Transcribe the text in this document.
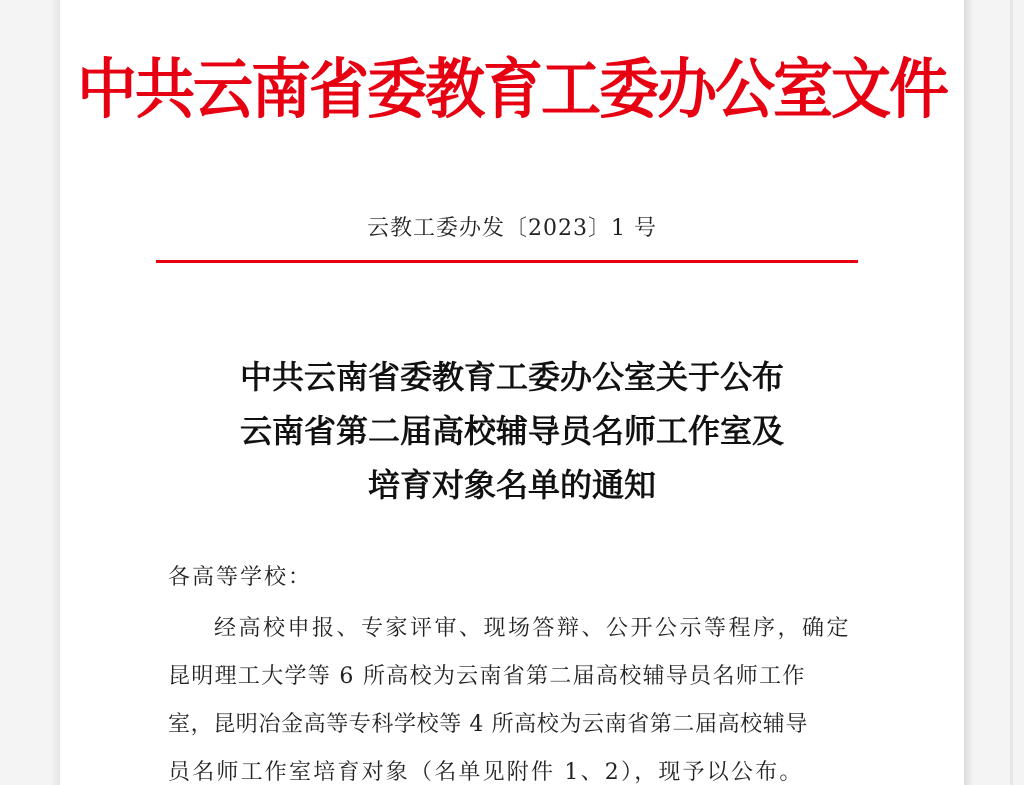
中共云南省委教育工委办公室文件
云教工委办发〔2023〕1 号
中共云南省委教育工委办公室关于公布
云南省第二届高校辅导员名师工作室及
培育对象名单的通知
各高等学校：
经高校申报、专家评审、现场答辩、公开公示等程序，确定
昆明理工大学等 6 所高校为云南省第二届高校辅导员名师工作
室，昆明冶金高等专科学校等 4 所高校为云南省第二届高校辅导
员名师工作室培育对象（名单见附件 1、2），现予以公布。
